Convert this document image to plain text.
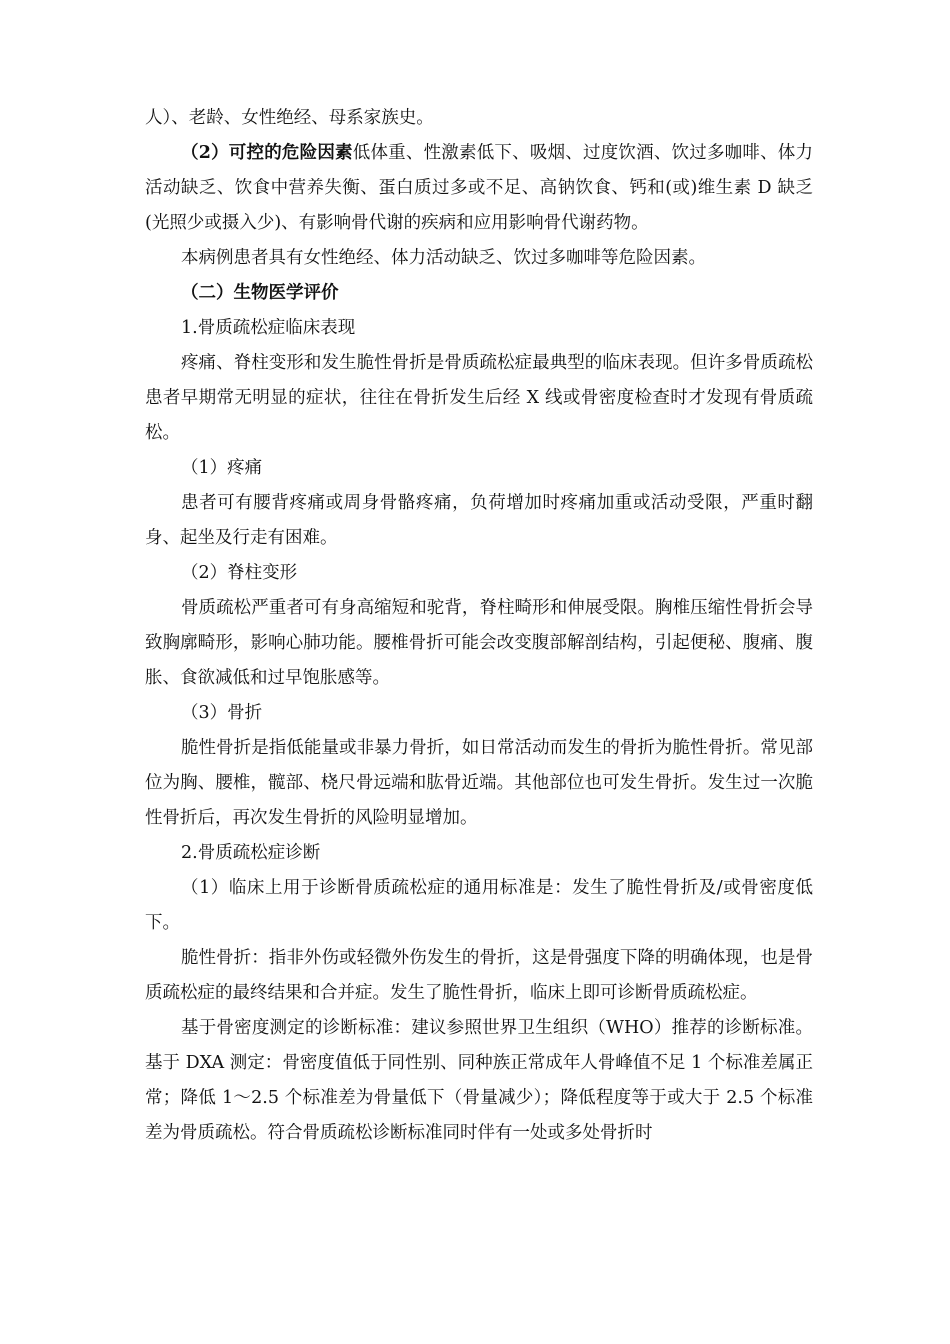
人）、老龄、女性绝经、母系家族史。

（2）可控的危险因素低体重、性激素低下、吸烟、过度饮酒、饮过多咖啡、体力活动缺乏、饮食中营养失衡、蛋白质过多或不足、高钠饮食、钙和(或)维生素 D 缺乏(光照少或摄入少)、有影响骨代谢的疾病和应用影响骨代谢药物。

本病例患者具有女性绝经、体力活动缺乏、饮过多咖啡等危险因素。

（二）生物医学评价

1.骨质疏松症临床表现

疼痛、脊柱变形和发生脆性骨折是骨质疏松症最典型的临床表现。但许多骨质疏松患者早期常无明显的症状，往往在骨折发生后经 X 线或骨密度检查时才发现有骨质疏松。

（1）疼痛

患者可有腰背疼痛或周身骨骼疼痛，负荷增加时疼痛加重或活动受限，严重时翻身、起坐及行走有困难。

（2）脊柱变形

骨质疏松严重者可有身高缩短和驼背，脊柱畸形和伸展受限。胸椎压缩性骨折会导致胸廓畸形，影响心肺功能。腰椎骨折可能会改变腹部解剖结构，引起便秘、腹痛、腹胀、食欲减低和过早饱胀感等。

（3）骨折

脆性骨折是指低能量或非暴力骨折，如日常活动而发生的骨折为脆性骨折。常见部位为胸、腰椎，髋部、桡尺骨远端和肱骨近端。其他部位也可发生骨折。发生过一次脆性骨折后，再次发生骨折的风险明显增加。

2.骨质疏松症诊断

（1）临床上用于诊断骨质疏松症的通用标准是：发生了脆性骨折及/或骨密度低下。

脆性骨折：指非外伤或轻微外伤发生的骨折，这是骨强度下降的明确体现，也是骨质疏松症的最终结果和合并症。发生了脆性骨折，临床上即可诊断骨质疏松症。

基于骨密度测定的诊断标准：建议参照世界卫生组织（WHO）推荐的诊断标准。基于 DXA 测定：骨密度值低于同性别、同种族正常成年人骨峰值不足 1 个标准差属正常；降低 1～2.5 个标准差为骨量低下（骨量减少）；降低程度等于或大于 2.5 个标准差为骨质疏松。符合骨质疏松诊断标准同时伴有一处或多处骨折时
